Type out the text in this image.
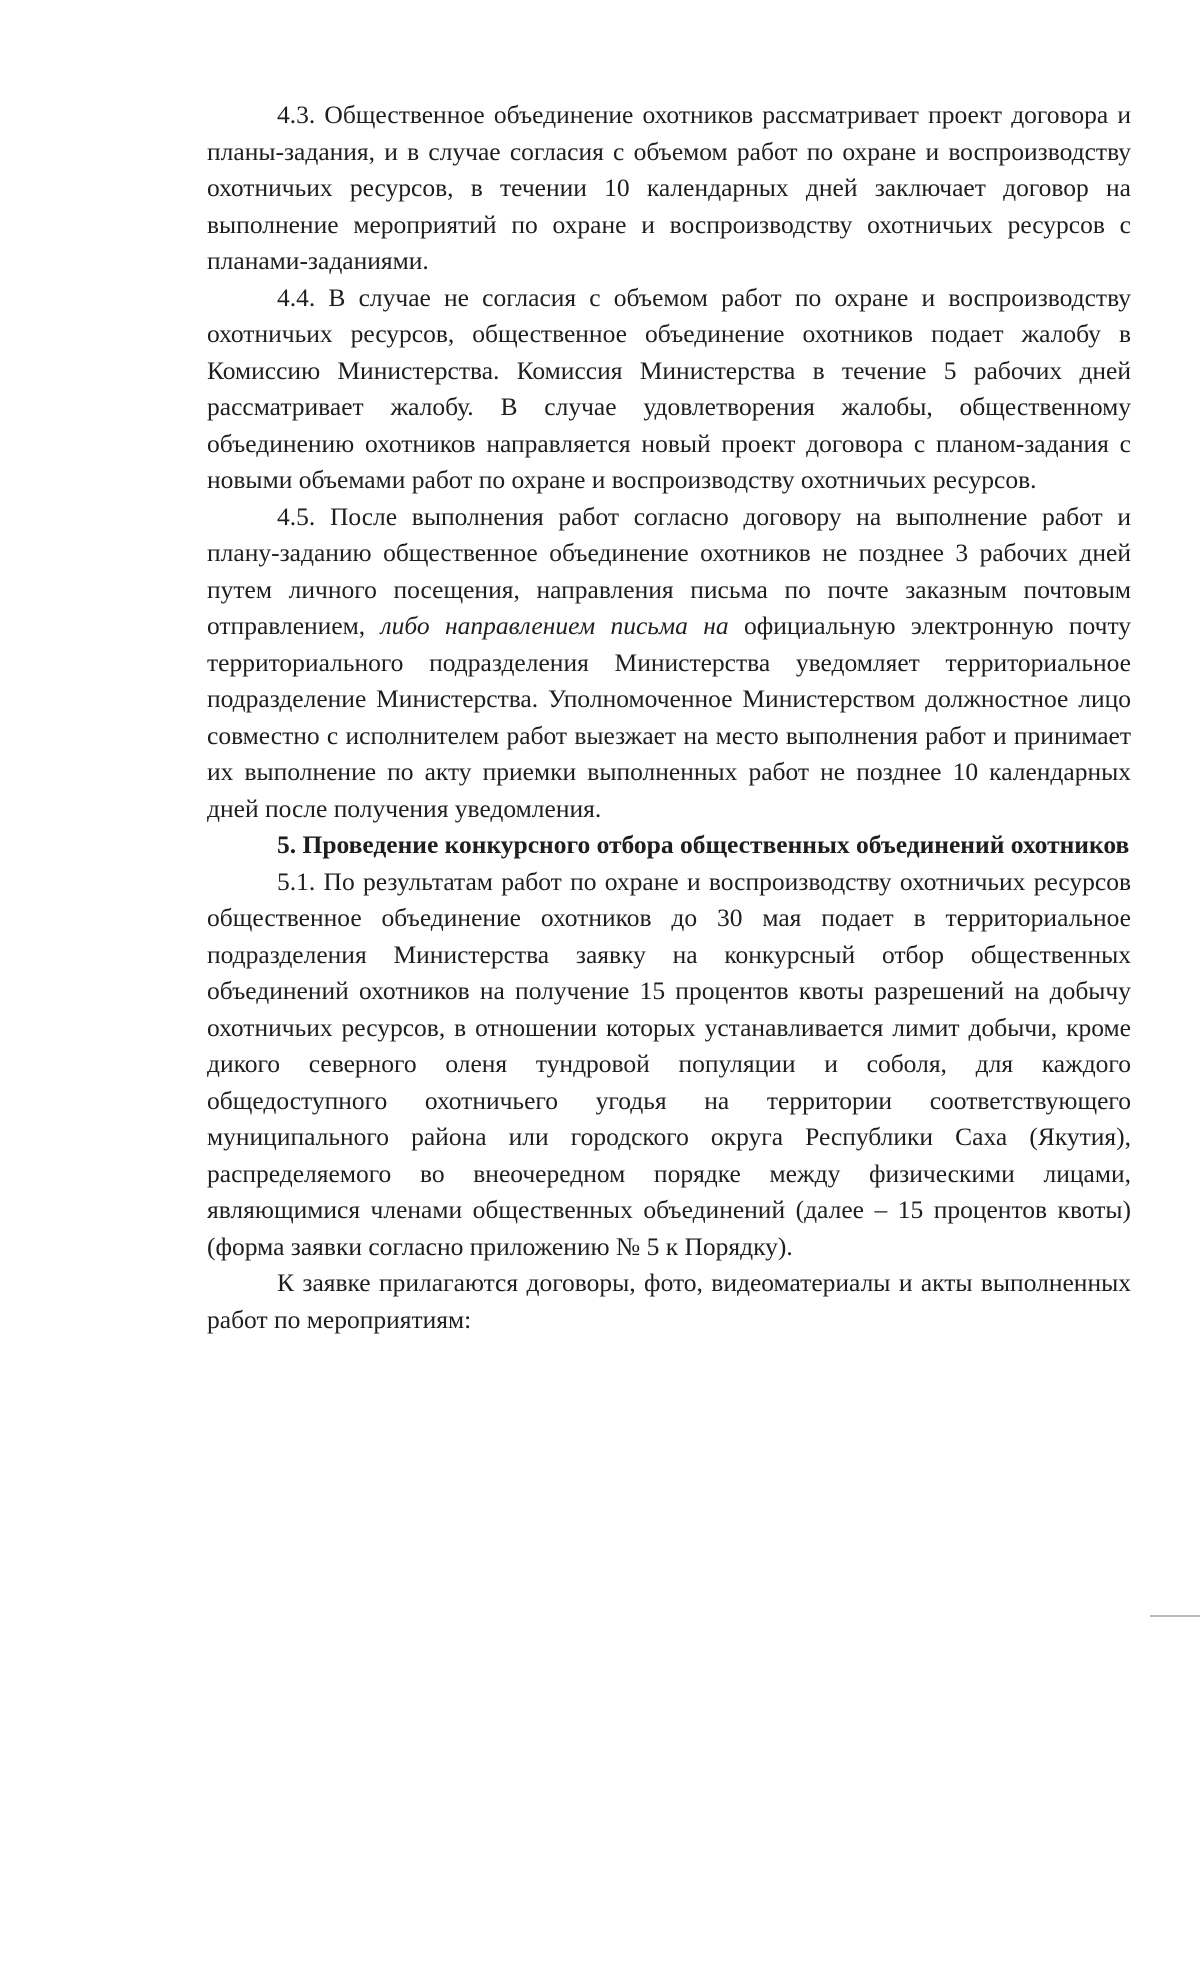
4.3. Общественное объединение охотников рассматривает проект договора и планы-задания, и в случае согласия с объемом работ по охране и воспроизводству охотничьих ресурсов, в течении 10 календарных дней заключает договор на выполнение мероприятий по охране и воспроизводству охотничьих ресурсов с планами-заданиями.

4.4. В случае не согласия с объемом работ по охране и воспроизводству охотничьих ресурсов, общественное объединение охотников подает жалобу в Комиссию Министерства. Комиссия Министерства в течение 5 рабочих дней рассматривает жалобу. В случае удовлетворения жалобы, общественному объединению охотников направляется новый проект договора с планом-задания с новыми объемами работ по охране и воспроизводству охотничьих ресурсов.

4.5. После выполнения работ согласно договору на выполнение работ и плану-заданию общественное объединение охотников не позднее 3 рабочих дней путем личного посещения, направления письма по почте заказным почтовым отправлением, либо направлением письма на официальную электронную почту территориального подразделения Министерства уведомляет территориальное подразделение Министерства. Уполномоченное Министерством должностное лицо совместно с исполнителем работ выезжает на место выполнения работ и принимает их выполнение по акту приемки выполненных работ не позднее 10 календарных дней после получения уведомления.

5. Проведение конкурсного отбора общественных объединений охотников

5.1. По результатам работ по охране и воспроизводству охотничьих ресурсов общественное объединение охотников до 30 мая подает в территориальное подразделения Министерства заявку на конкурсный отбор общественных объединений охотников на получение 15 процентов квоты разрешений на добычу охотничьих ресурсов, в отношении которых устанавливается лимит добычи, кроме дикого северного оленя тундровой популяции и соболя, для каждого общедоступного охотничьего угодья на территории соответствующего муниципального района или городского округа Республики Саха (Якутия), распределяемого во внеочередном порядке между физическими лицами, являющимися членами общественных объединений (далее – 15 процентов квоты) (форма заявки согласно приложению № 5 к Порядку).

К заявке прилагаются договоры, фото, видеоматериалы и акты выполненных работ по мероприятиям:
